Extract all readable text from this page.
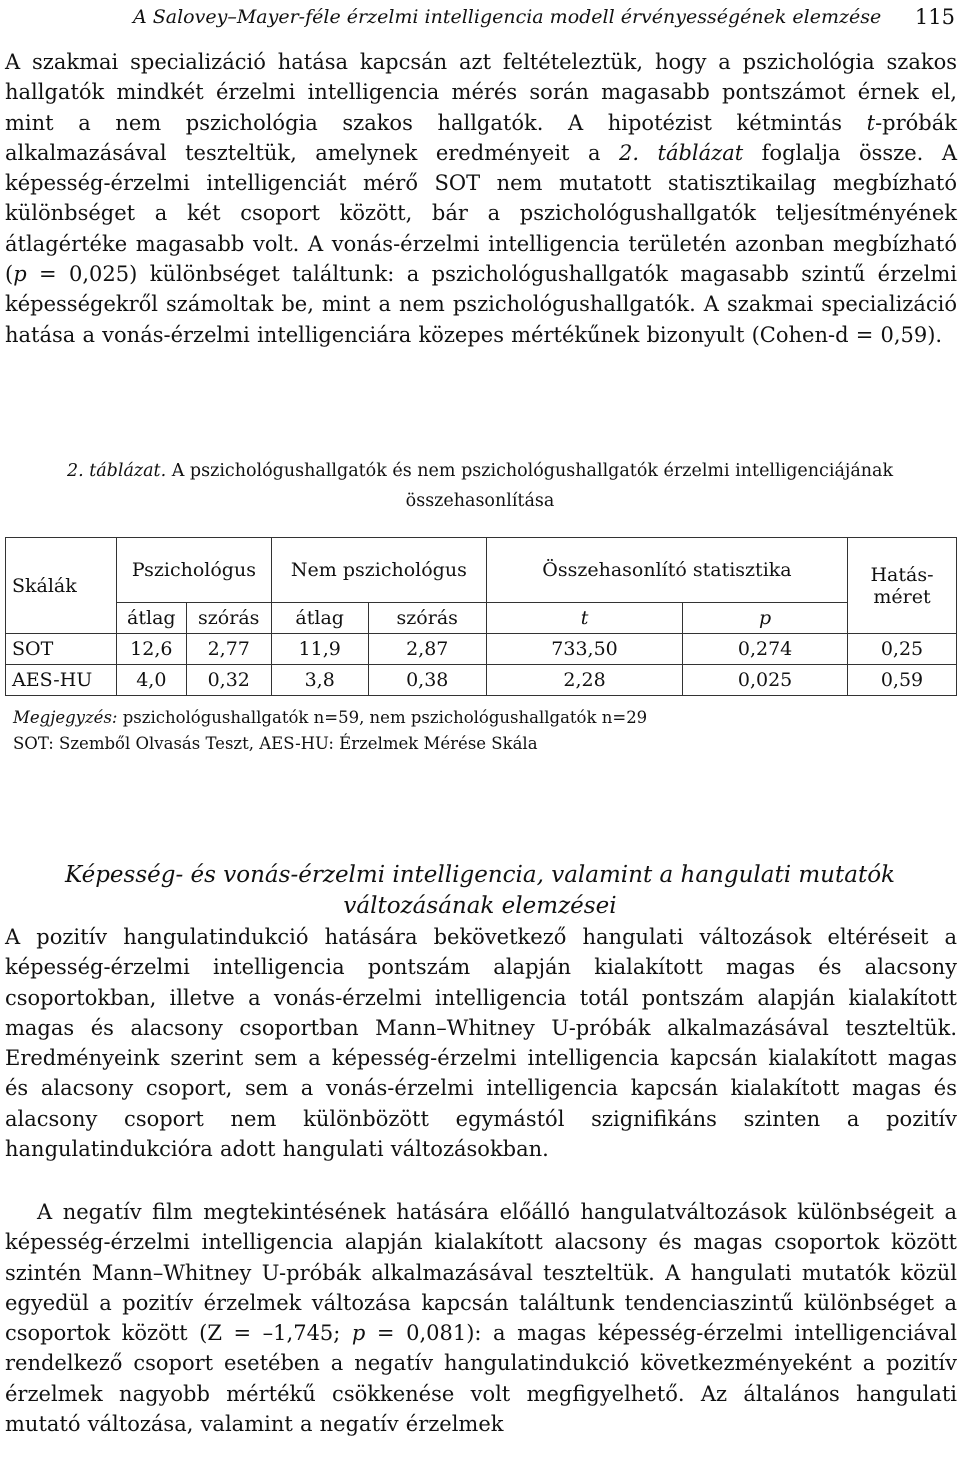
A Salovey–Mayer-féle érzelmi intelligencia modell érvényességének elemzése 115

A szakmai specializáció hatása kapcsán azt feltételeztük, hogy a pszichológia szakos hallgatók mindkét érzelmi intelligencia mérés során magasabb pontszámot érnek el, mint a nem pszichológia szakos hallgatók. A hipotézist kétmintás t-próbák alkalmazásával teszteltük, amelynek eredményeit a 2. táblázat foglalja össze. A képesség-érzelmi intelligenciát mérő SOT nem mutatott statisztikailag megbízható különbséget a két csoport között, bár a pszichológushallgatók teljesítményének átlagértéke magasabb volt. A vonás-érzelmi intelligencia területén azonban megbízható (p = 0,025) különbséget találtunk: a pszichológushallgatók magasabb szintű érzelmi képességekről számoltak be, mint a nem pszichológushallgatók. A szakmai specializáció hatása a vonás-érzelmi intelligenciára közepes mértékűnek bizonyult (Cohen-d = 0,59).

2. táblázat. A pszichológushallgatók és nem pszichológushallgatók érzelmi intelligenciájának összehasonlítása
Skálák	Pszichológus		Nem pszichológus		Összehasonlító statisztika		Hatásméret
	átlag	szórás	átlag	szórás	t	p	
SOT	12,6	2,77	11,9	2,87	733,50	0,274	0,25
AES-HU	4,0	0,32	3,8	0,38	2,28	0,025	0,59
Megjegyzés: pszichológushallgatók n=59, nem pszichológushallgatók n=29
SOT: Szemből Olvasás Teszt, AES-HU: Érzelmek Mérése Skála
Képesség- és vonás-érzelmi intelligencia, valamint a hangulati mutatók változásának elemzései

A pozitív hangulatindukció hatására bekövetkező hangulati változások eltéréseit a képesség-érzelmi intelligencia pontszám alapján kialakított magas és alacsony csoportokban, illetve a vonás-érzelmi intelligencia totál pontszám alapján kialakított magas és alacsony csoportban Mann–Whitney U-próbák alkalmazásával teszteltük. Eredményeink szerint sem a képesség-érzelmi intelligencia kapcsán kialakított magas és alacsony csoport, sem a vonás-érzelmi intelligencia kapcsán kialakított magas és alacsony csoport nem különbözött egymástól szignifikáns szinten a pozitív hangulatindukcióra adott hangulati változásokban.

A negatív film megtekintésének hatására előálló hangulatváltozások különbségeit a képesség-érzelmi intelligencia alapján kialakított alacsony és magas csoportok között szintén Mann–Whitney U-próbák alkalmazásával teszteltük. A hangulati mutatók közül egyedül a pozitív érzelmek változása kapcsán találtunk tendenciaszintű különbséget a csoportok között (Z = –1,745; p = 0,081): a magas képesség-érzelmi intelligenciával rendelkező csoport esetében a negatív hangulatindukció következményeként a pozitív érzelmek nagyobb mértékű csökkenése volt megfigyelhető. Az általános hangulati mutató változása, valamint a negatív érzelmek
